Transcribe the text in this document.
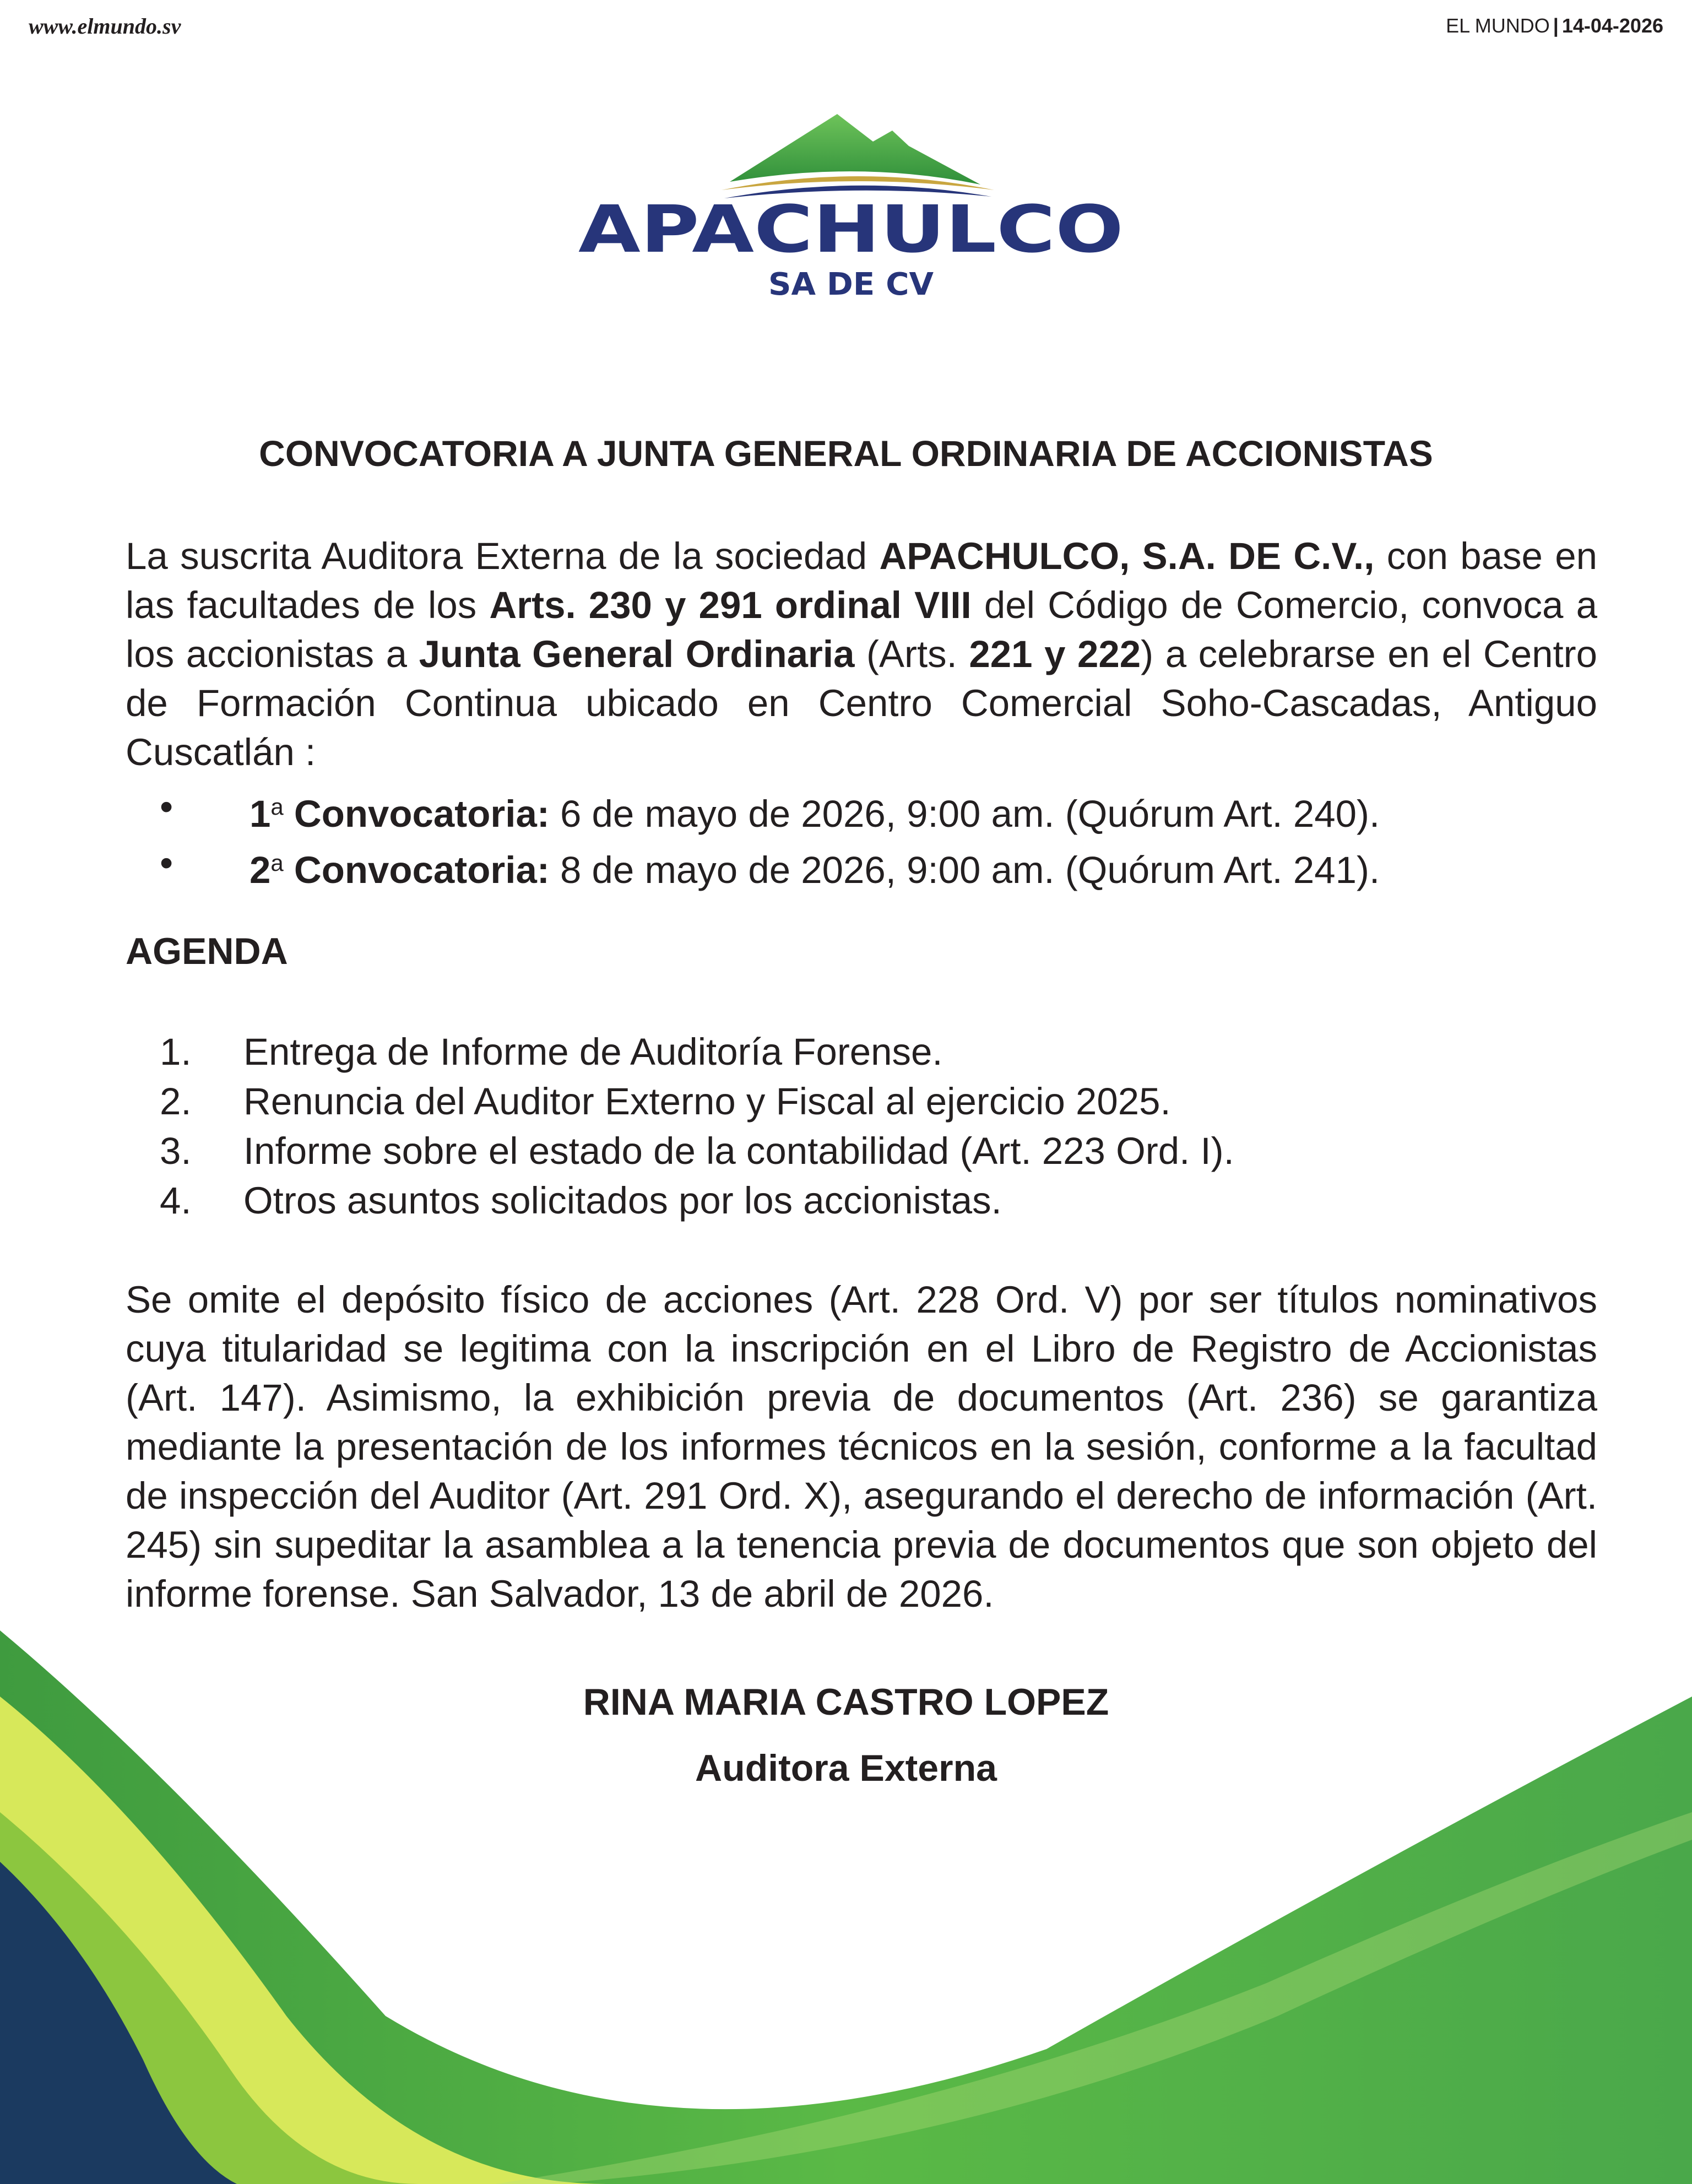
www.elmundo.sv	EL MUNDO | 14-04-2026
APACHULCO
SA DE CV
CONVOCATORIA A JUNTA GENERAL ORDINARIA DE ACCIONISTAS
La suscrita Auditora Externa de la sociedad APACHULCO, S.A. DE C.V., con base en las facultades de los Arts. 230 y 291 ordinal VIII del Código de Comercio, convoca a los accionistas a Junta General Ordinaria (Arts. 221 y 222) a celebrarse en el Centro de Formación Continua ubicado en Centro Comercial Soho-Cascadas, Antiguo Cuscatlán :
• 1$^a$ Convocatoria: 6 de mayo de 2026, 9:00 am. (Quórum Art. 240).
• 2$^a$ Convocatoria: 8 de mayo de 2026, 9:00 am. (Quórum Art. 241).
AGENDA
1. Entrega de Informe de Auditoría Forense.
2. Renuncia del Auditor Externo y Fiscal al ejercicio 2025.
3. Informe sobre el estado de la contabilidad (Art. 223 Ord. I).
4. Otros asuntos solicitados por los accionistas.
Se omite el depósito físico de acciones (Art. 228 Ord. V) por ser títulos nominativos cuya titularidad se legitima con la inscripción en el Libro de Registro de Accionistas (Art. 147). Asimismo, la exhibición previa de documentos (Art. 236) se garantiza mediante la presentación de los informes técnicos en la sesión, conforme a la facultad de inspección del Auditor (Art. 291 Ord. X), asegurando el derecho de información (Art. 245) sin supeditar la asamblea a la tenencia previa de documentos que son objeto del informe forense. San Salvador, 13 de abril de 2026.
RINA MARIA CASTRO LOPEZ
Auditora Externa
